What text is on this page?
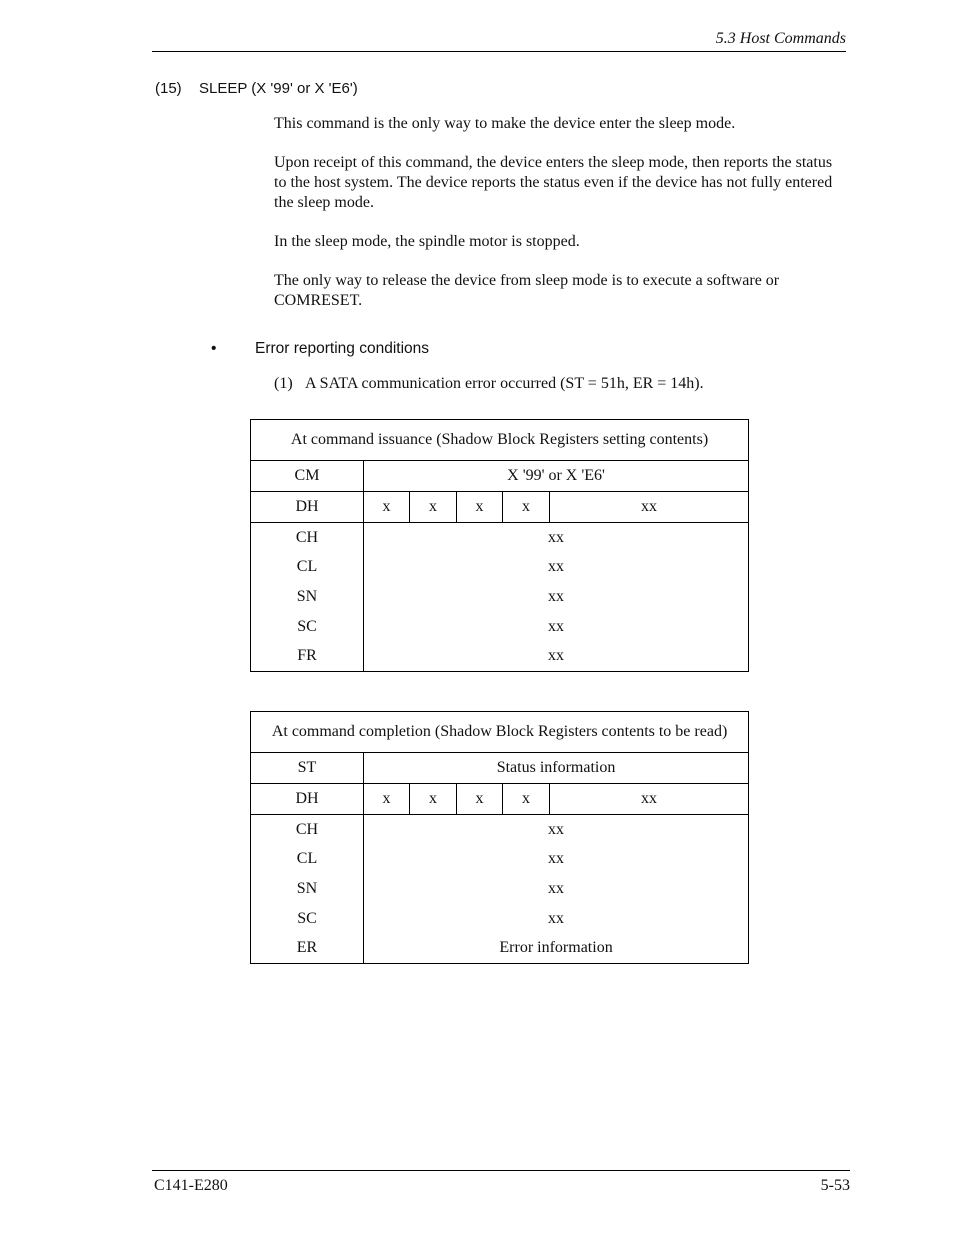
5.3 Host Commands
(15) SLEEP (X '99' or X 'E6')

This command is the only way to make the device enter the sleep mode.

Upon receipt of this command, the device enters the sleep mode, then reports the status to the host system. The device reports the status even if the device has not fully entered the sleep mode.

In the sleep mode, the spindle motor is stopped.

The only way to release the device from sleep mode is to execute a software or COMRESET.

• Error reporting conditions
(1) A SATA communication error occurred (ST = 51h, ER = 14h).
At command issuance (Shadow Block Registers setting contents)					
CM	X '99' or X 'E6'				
DH	x	x	x	x	xx
CH	xx				
CL	xx				
SN	xx				
SC	xx				
FR	xx				
At command completion (Shadow Block Registers contents to be read)					
ST	Status information				
DH	x	x	x	x	xx
CH	xx				
CL	xx				
SN	xx				
SC	xx				
ER	Error information				
C141-E280	5-53
